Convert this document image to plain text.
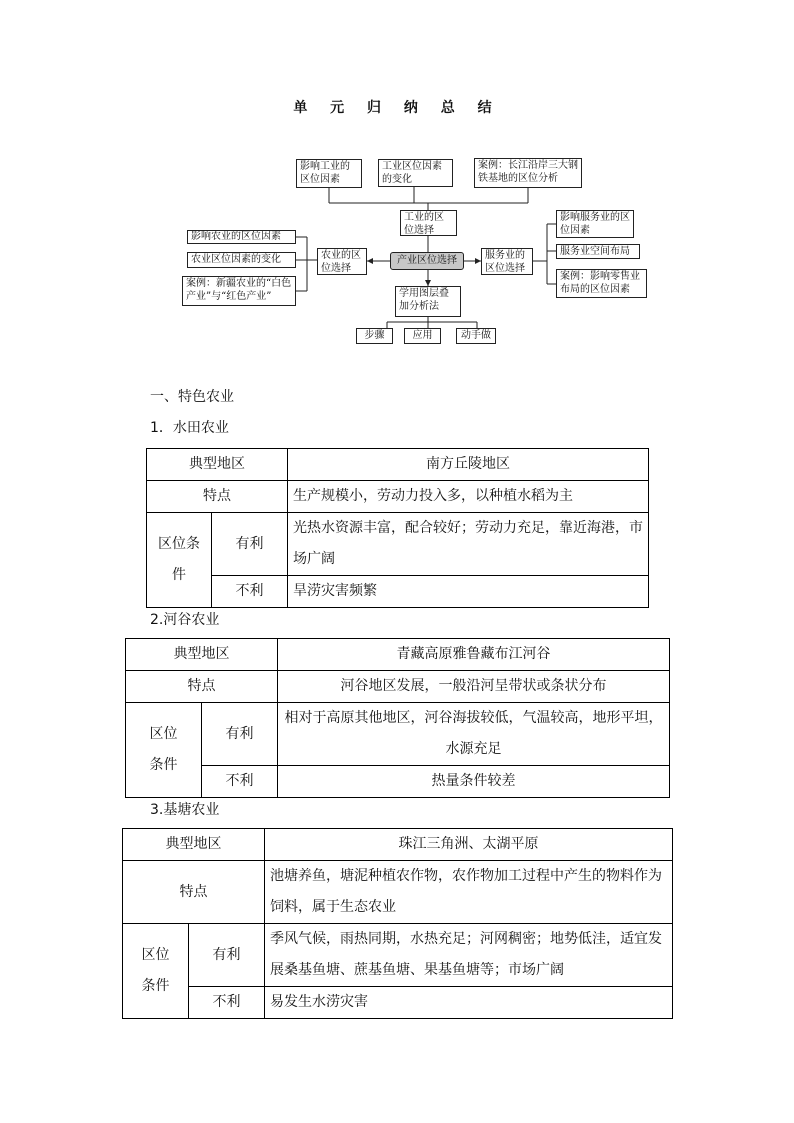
单 元 归 纳 总 结
影响工业的区位因素
工业区位因素的变化
案例：长江沿岸三大钢铁基地的区位分析
工业的区位选择
影响农业的区位因素
农业区位因素的变化
案例：新疆农业的“白色产业”与“红色产业”
农业的区位选择
产业区位选择	服务业的区位选择
影响服务业的区位因素
服务业空间布局
案例：影响零售业布局的区位因素
学用图层叠加分析法
步骤	应用	动手做
一、特色农业
1．水田农业
典型地区		南方丘陵地区
特点		生产规模小，劳动力投入多，以种植水稻为主
区位条件	有利	光热水资源丰富，配合较好；劳动力充足，靠近海港，市场广阔
	不利	旱涝灾害频繁
2.河谷农业
典型地区		青藏高原雅鲁藏布江河谷
特点		河谷地区发展，一般沿河呈带状或条状分布
区位条件	有利	相对于高原其他地区，河谷海拔较低，气温较高，地形平坦，水源充足
	不利	热量条件较差
3.基塘农业
典型地区		珠江三角洲、太湖平原
特点		池塘养鱼，塘泥种植农作物，农作物加工过程中产生的物料作为饲料，属于生态农业
区位条件	有利	季风气候，雨热同期，水热充足；河网稠密；地势低洼，适宜发展桑基鱼塘、蔗基鱼塘、果基鱼塘等；市场广阔
	不利	易发生水涝灾害
